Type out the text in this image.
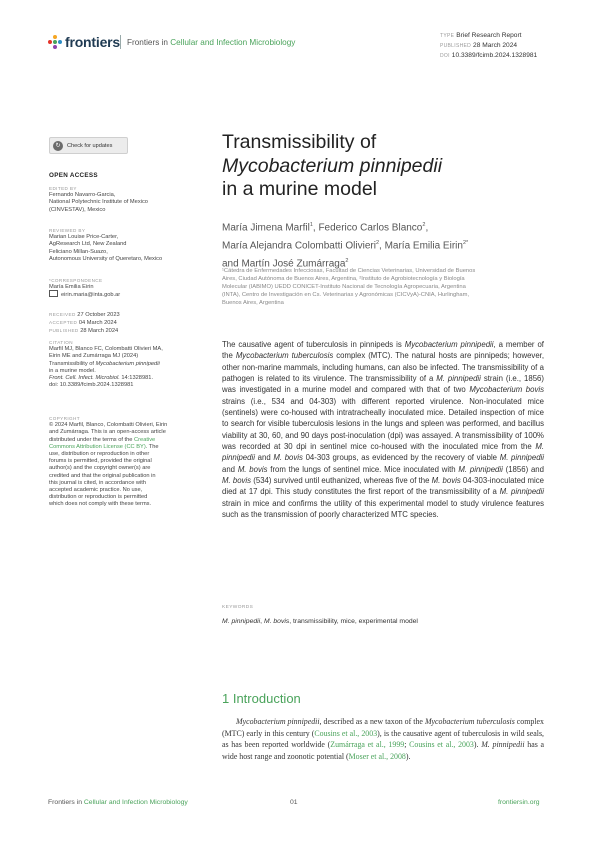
frontiers Frontiers in Cellular and Infection Microbiology
TYPE Brief Research Report
PUBLISHED 28 March 2024
DOI 10.3389/fcimb.2024.1328981
↻	Check for updates
OPEN ACCESS
EDITED BY
Fernando Navarro-Garcia,
National Polytechnic Institute of Mexico
(CINVESTAV), Mexico
REVIEWED BY
Marian Louise Price-Carter,
AgResearch Ltd, New Zealand
Feliciano Millan-Suazo,
Autonomous University of Queretaro, Mexico
*CORRESPONDENCE
María Emilia Eirin
eirin.maria@inta.gob.ar
RECEIVED 27 October 2023
ACCEPTED 04 March 2024
PUBLISHED 28 March 2024
CITATION
Marfil MJ, Blanco FC, Colombatti Olivieri MA,
Eirin ME and Zumárraga MJ (2024)
Transmissibility of Mycobacterium pinnipedii
in a murine model.
Front. Cell. Infect. Microbiol. 14:1328981.
doi: 10.3389/fcimb.2024.1328981
COPYRIGHT
© 2024 Marfil, Blanco, Colombatti Olivieri, Eirin
and Zumárraga. This is an open-access article
distributed under the terms of the Creative
Commons Attribution License (CC BY). The
use, distribution or reproduction in other
forums is permitted, provided the original
author(s) and the copyright owner(s) are
credited and that the original publication in
this journal is cited, in accordance with
accepted academic practice. No use,
distribution or reproduction is permitted
which does not comply with these terms.
Transmissibility of
Mycobacterium pinnipedii
in a murine model
María Jimena Marfil$^1$, Federico Carlos Blanco$^2$,
María Alejandra Colombatti Olivieri$^2$, María Emilia Eirin$^{2*}$
and Martín José Zumárraga$^2$
¹Cátedra de Enfermedades Infecciosas, Facultad de Ciencias Veterinarias, Universidad de Buenos
Aires, Ciudad Autónoma de Buenos Aires, Argentina, ²Instituto de Agrobiotecnología y Biología
Molecular (IABIMO) UEDD CONICET-Instituto Nacional de Tecnología Agropecuaria, Argentina
(INTA), Centro de Investigación en Cs. Veterinarias y Agronómicas (CICVyA)-CNIA, Hurlingham,
Buenos Aires, Argentina
The causative agent of tuberculosis in pinnipeds is Mycobacterium pinnipedii, a member of the Mycobacterium tuberculosis complex (MTC). The natural hosts are pinnipeds; however, other non-marine mammals, including humans, can also be infected. The transmissibility of a pathogen is related to its virulence. The transmissibility of a M. pinnipedii strain (i.e., 1856) was investigated in a murine model and compared with that of two Mycobacterium bovis strains (i.e., 534 and 04-303) with different reported virulence. Non-inoculated mice (sentinels) were co-housed with intratracheally inoculated mice. Detailed inspection of mice to search for visible tuberculosis lesions in the lungs and spleen was performed, and bacillus viability at 30, 60, and 90 days post-inoculation (dpi) was assayed. A transmissibility of 100% was recorded at 30 dpi in sentinel mice co-housed with the inoculated mice from the M. pinnipedii and M. bovis 04-303 groups, as evidenced by the recovery of viable M. pinnipedii and M. bovis from the lungs of sentinel mice. Mice inoculated with M. pinnipedii (1856) and M. bovis (534) survived until euthanized, whereas five of the M. bovis 04-303-inoculated mice died at 17 dpi. This study constitutes the first report of the transmissibility of a M. pinnipedii strain in mice and confirms the utility of this experimental model to study virulence features such as the transmission of poorly characterized MTC species.
KEYWORDS
M. pinnipedii, M. bovis, transmissibility, mice, experimental model
1 Introduction
Mycobacterium pinnipedii, described as a new taxon of the Mycobacterium tuberculosis complex (MTC) early in this century (Cousins et al., 2003), is the causative agent of tuberculosis in wild seals, as has been reported worldwide (Zumárraga et al., 1999; Cousins et al., 2003). M. pinnipedii has a wide host range and zoonotic potential (Moser et al., 2008).
Frontiers in Cellular and Infection Microbiology	01	frontiersin.org
